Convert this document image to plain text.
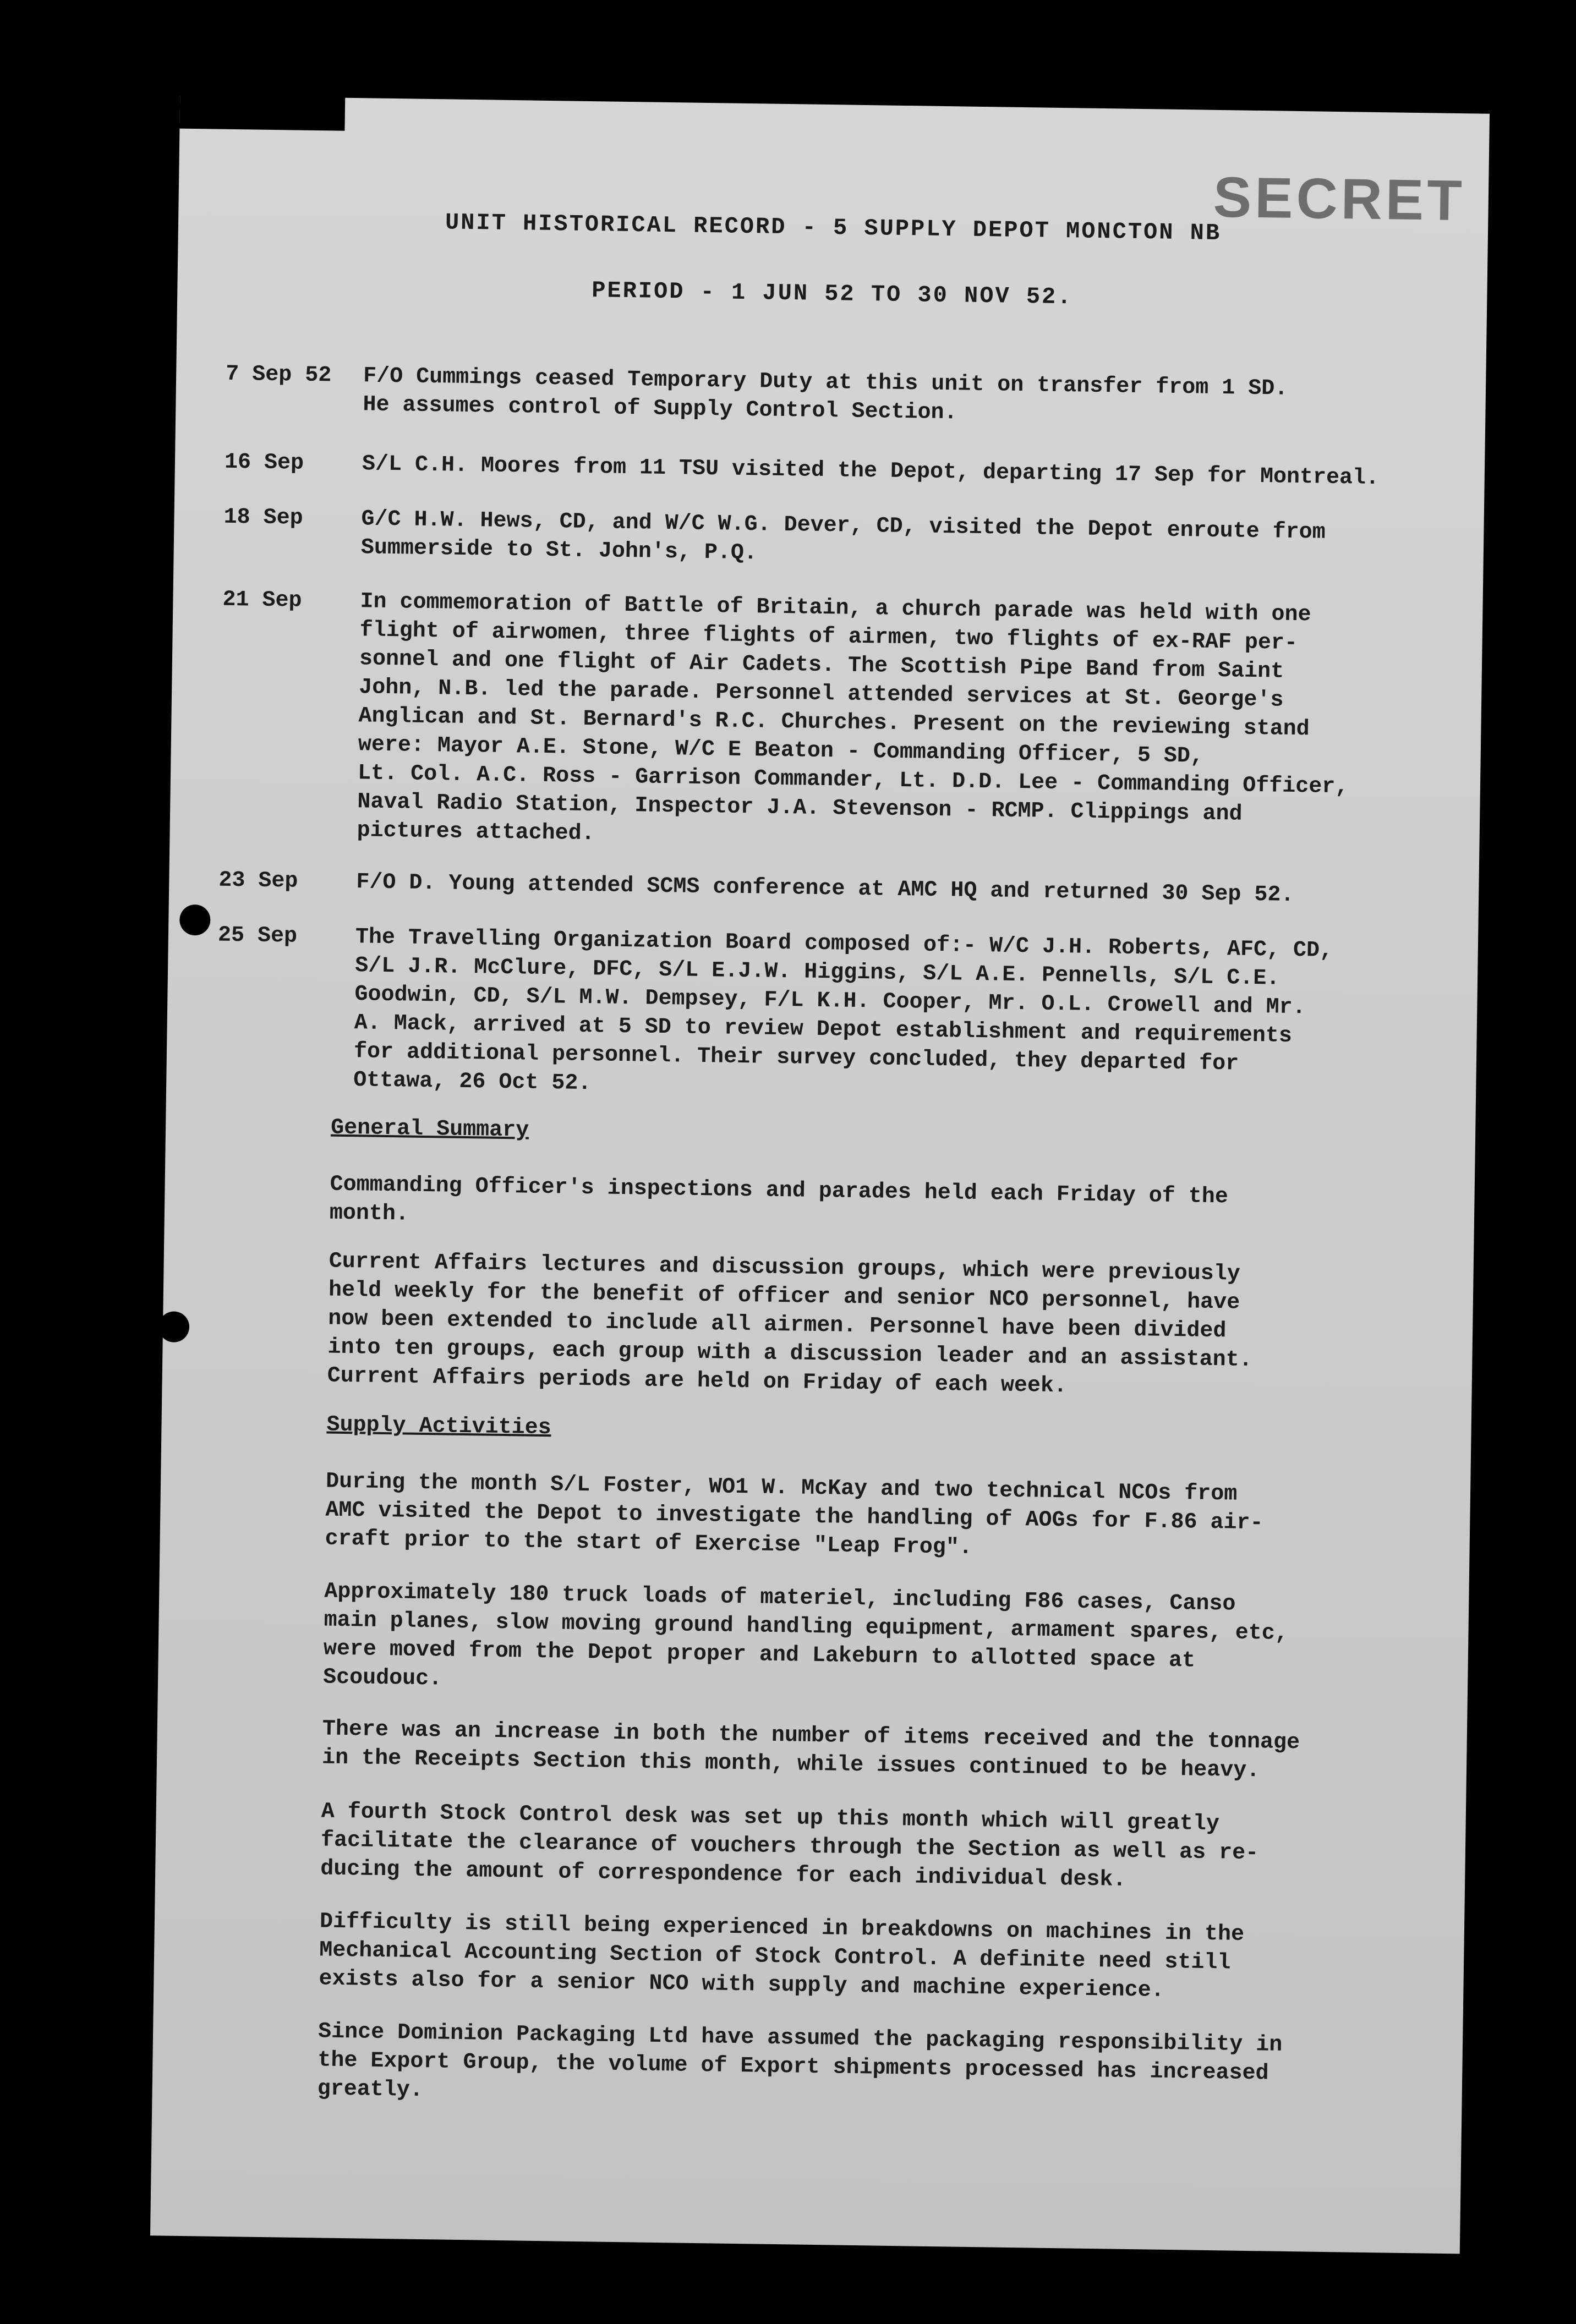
SECRET
UNIT HISTORICAL RECORD - 5 SUPPLY DEPOT MONCTON NB
PERIOD - 1 JUN 52 TO 30 NOV 52.
7 Sep 52	F/O Cummings ceased Temporary Duty at this unit on transfer from 1 SD.
He assumes control of Supply Control Section.
16 Sep	S/L C.H. Moores from 11 TSU visited the Depot, departing 17 Sep for Montreal.
18 Sep	G/C H.W. Hews, CD, and W/C W.G. Dever, CD, visited the Depot enroute from
Summerside to St. John's, P.Q.
21 Sep	In commemoration of Battle of Britain, a church parade was held with one
flight of airwomen, three flights of airmen, two flights of ex-RAF per-
sonnel and one flight of Air Cadets. The Scottish Pipe Band from Saint
John, N.B. led the parade. Personnel attended services at St. George's
Anglican and St. Bernard's R.C. Churches. Present on the reviewing stand
were: Mayor A.E. Stone, W/C E Beaton - Commanding Officer, 5 SD,
Lt. Col. A.C. Ross - Garrison Commander, Lt. D.D. Lee - Commanding Officer,
Naval Radio Station, Inspector J.A. Stevenson - RCMP. Clippings and
pictures attached.
23 Sep	F/O D. Young attended SCMS conference at AMC HQ and returned 30 Sep 52.
25 Sep	The Travelling Organization Board composed of:- W/C J.H. Roberts, AFC, CD,
S/L J.R. McClure, DFC, S/L E.J.W. Higgins, S/L A.E. Pennells, S/L C.E.
Goodwin, CD, S/L M.W. Dempsey, F/L K.H. Cooper, Mr. O.L. Crowell and Mr.
A. Mack, arrived at 5 SD to review Depot establishment and requirements
for additional personnel. Their survey concluded, they departed for
Ottawa, 26 Oct 52.
General Summary
Commanding Officer's inspections and parades held each Friday of the
month.
Current Affairs lectures and discussion groups, which were previously
held weekly for the benefit of officer and senior NCO personnel, have
now been extended to include all airmen. Personnel have been divided
into ten groups, each group with a discussion leader and an assistant.
Current Affairs periods are held on Friday of each week.
Supply Activities
During the month S/L Foster, WO1 W. McKay and two technical NCOs from
AMC visited the Depot to investigate the handling of AOGs for F.86 air-
craft prior to the start of Exercise "Leap Frog".
Approximately 180 truck loads of materiel, including F86 cases, Canso
main planes, slow moving ground handling equipment, armament spares, etc,
were moved from the Depot proper and Lakeburn to allotted space at
Scoudouc.
There was an increase in both the number of items received and the tonnage
in the Receipts Section this month, while issues continued to be heavy.
A fourth Stock Control desk was set up this month which will greatly
facilitate the clearance of vouchers through the Section as well as re-
ducing the amount of correspondence for each individual desk.
Difficulty is still being experienced in breakdowns on machines in the
Mechanical Accounting Section of Stock Control. A definite need still
exists also for a senior NCO with supply and machine experience.
Since Dominion Packaging Ltd have assumed the packaging responsibility in
the Export Group, the volume of Export shipments processed has increased
greatly.
